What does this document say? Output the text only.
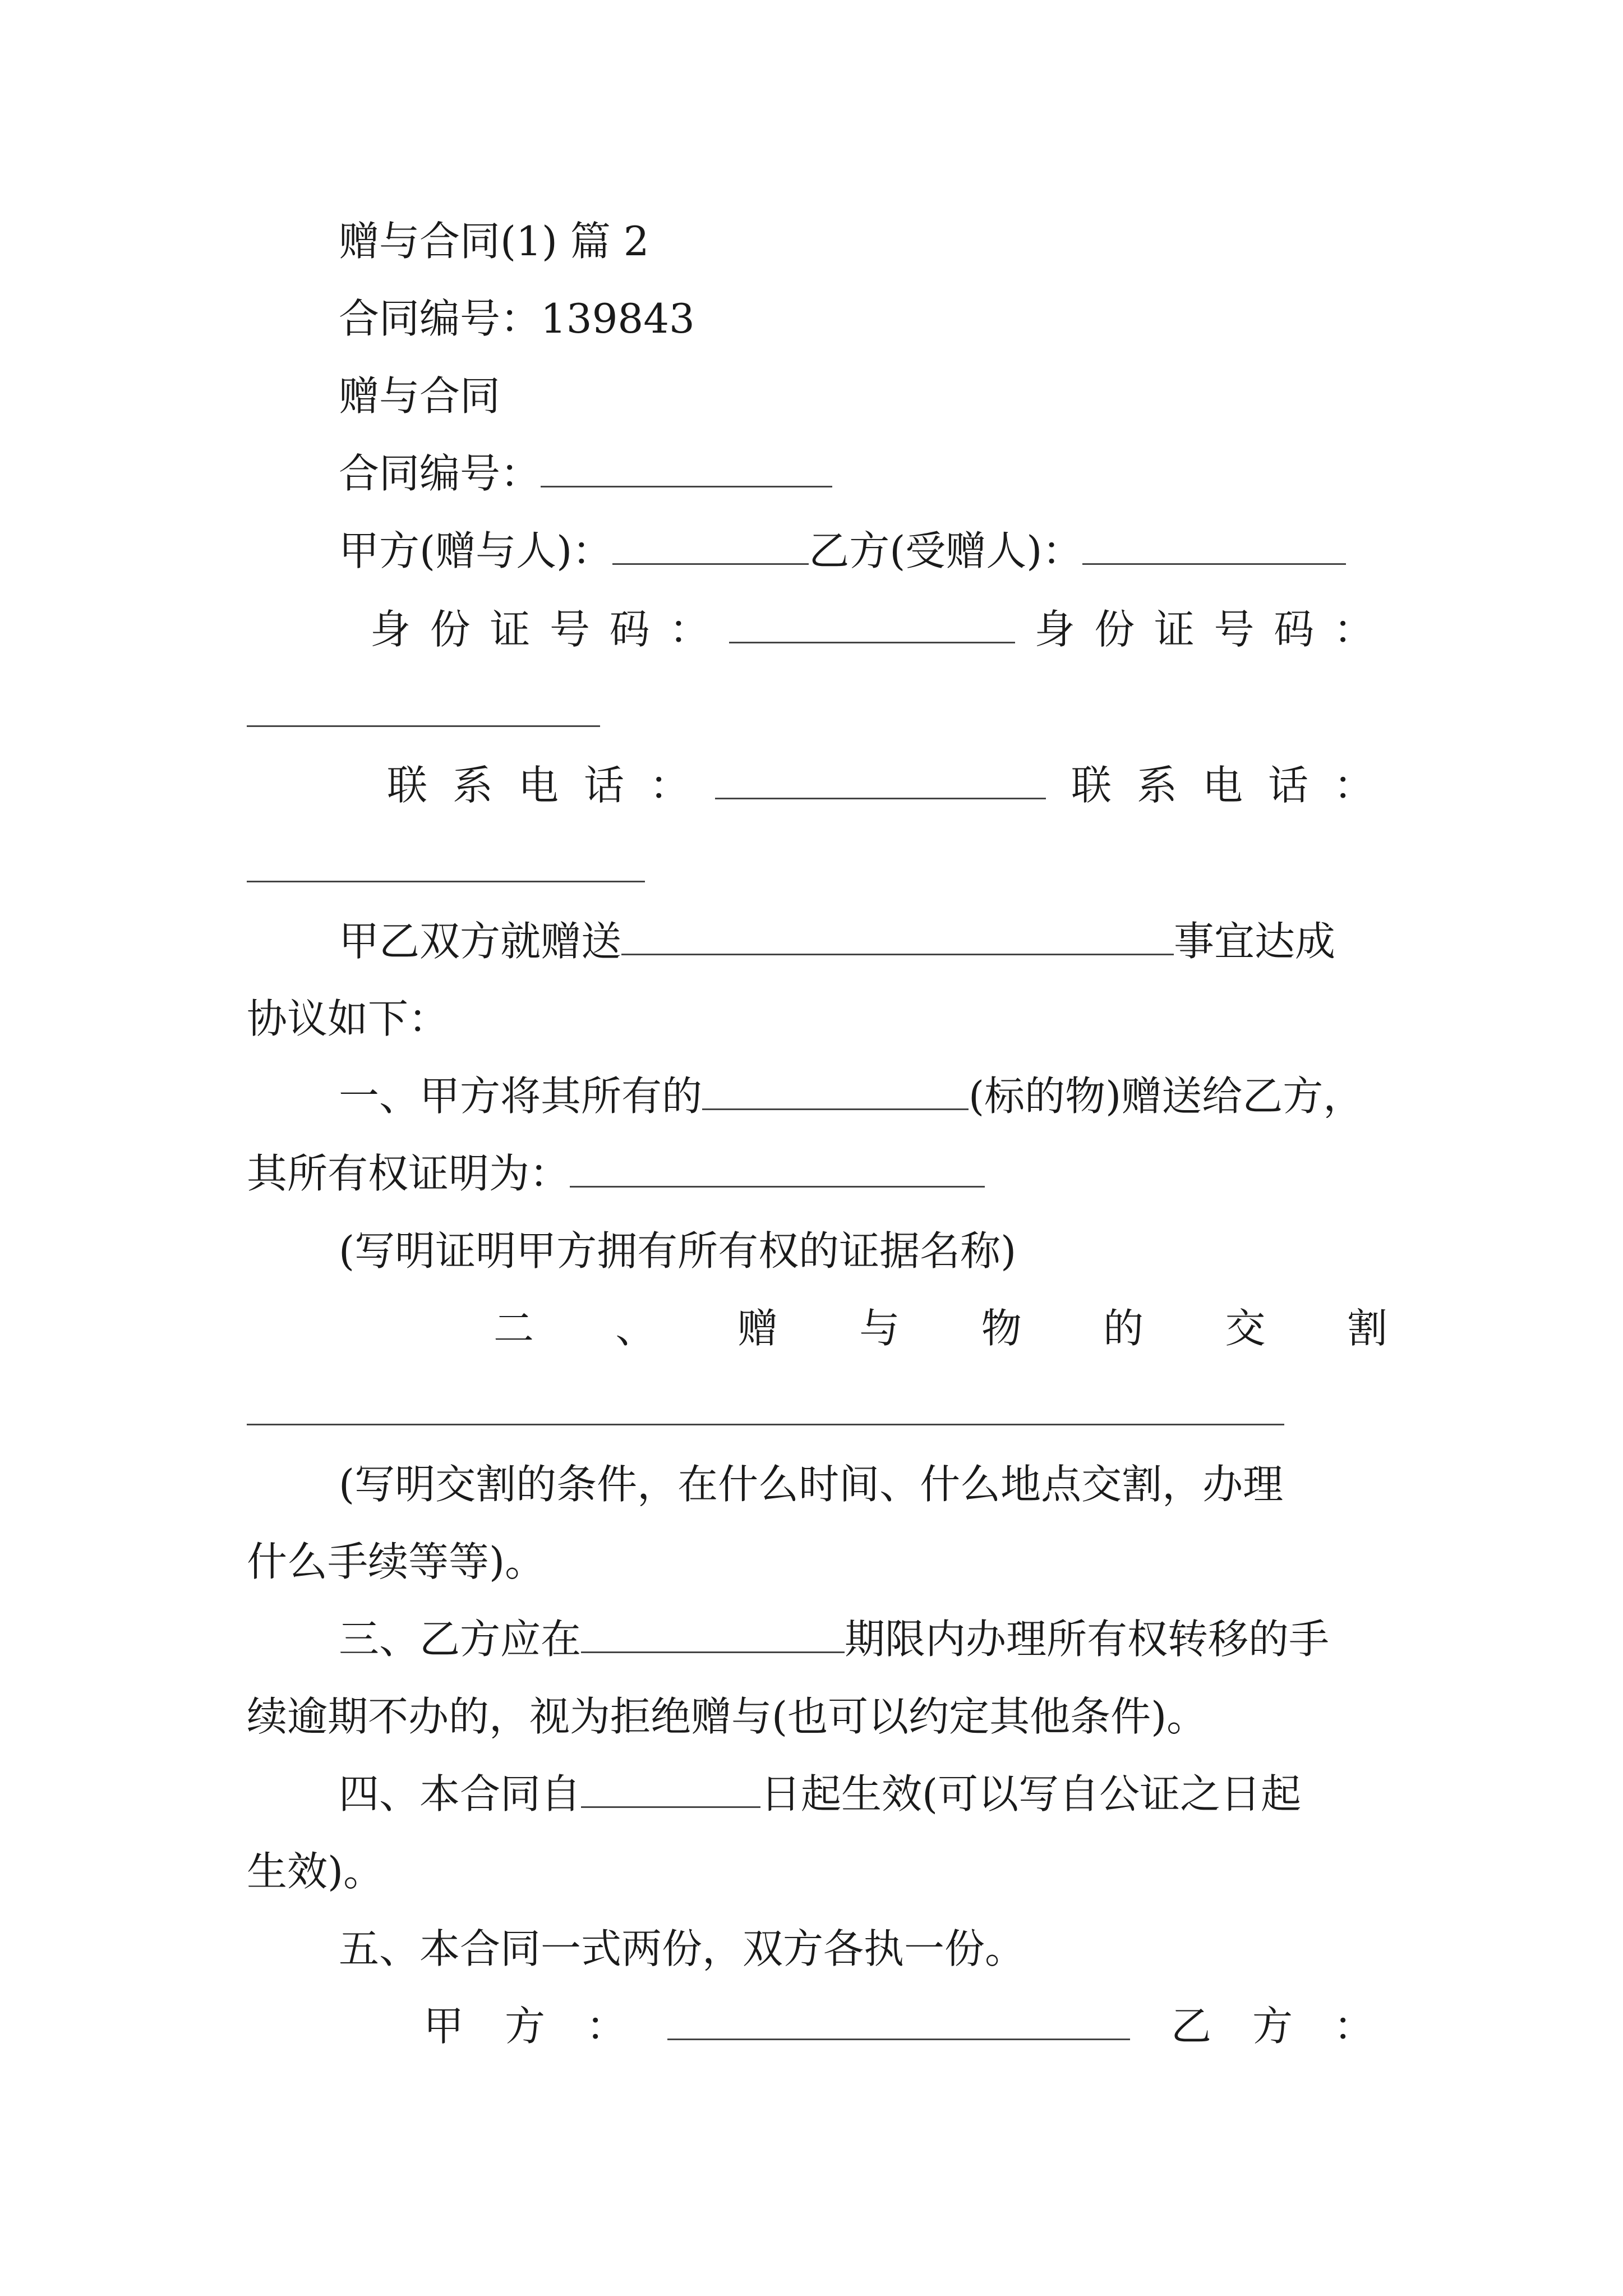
赠与合同(1) 篇 2
合同编号：139843
赠与合同
合同编号：
甲方(赠与人)：	乙方(受赠人)：
身 份 证 号 码 ：	身 份 证 号 码 ：
联 系 电 话 ：	联 系 电 话 ：
甲乙双方就赠送	事宜达成
协议如下：
一、甲方将其所有的	(标的物)赠送给乙方，
其所有权证明为：
(写明证明甲方拥有所有权的证据名称)
二 、 赠 与 物 的 交 割
(写明交割的条件，在什么时间、什么地点交割，办理
什么手续等等)。
三、乙方应在	期限内办理所有权转移的手
续逾期不办的，视为拒绝赠与(也可以约定其他条件)。
四、本合同自	日起生效(可以写自公证之日起
生效)。
五、本合同一式两份，双方各执一份。
甲 方 ：	乙 方 ：
